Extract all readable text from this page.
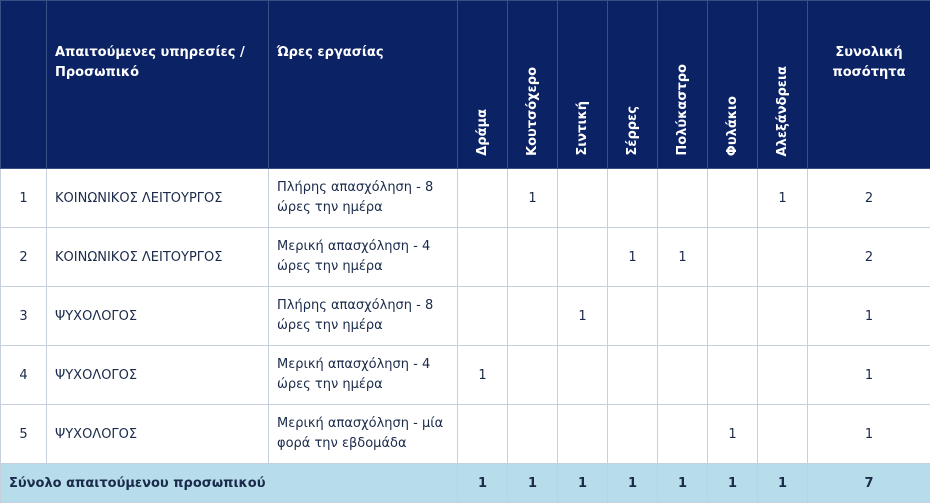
	Απαιτούμενες υπηρεσίες / Προσωπικό	Ώρες εργασίας	Δράμα	Κουτσόχερο	Σιντική	Σέρρες	Πολύκαστρο	Φυλάκιο	Αλεξάνδρεια	Συνολική ποσότητα
1	ΚΟΙΝΩΝΙΚΟΣ ΛΕΙΤΟΥΡΓΟΣ	Πλήρης απασχόληση - 8 ώρες την ημέρα		1					1	2
2	ΚΟΙΝΩΝΙΚΟΣ ΛΕΙΤΟΥΡΓΟΣ	Μερική απασχόληση - 4 ώρες την ημέρα				1	1			2
3	ΨΥΧΟΛΟΓΟΣ	Πλήρης απασχόληση - 8 ώρες την ημέρα			1					1
4	ΨΥΧΟΛΟΓΟΣ	Μερική απασχόληση - 4 ώρες την ημέρα	1							1
5	ΨΥΧΟΛΟΓΟΣ	Μερική απασχόληση - μία φορά την εβδομάδα						1		1
Σύνολο απαιτούμενου προσωπικού			1	1	1	1	1	1	1	7
